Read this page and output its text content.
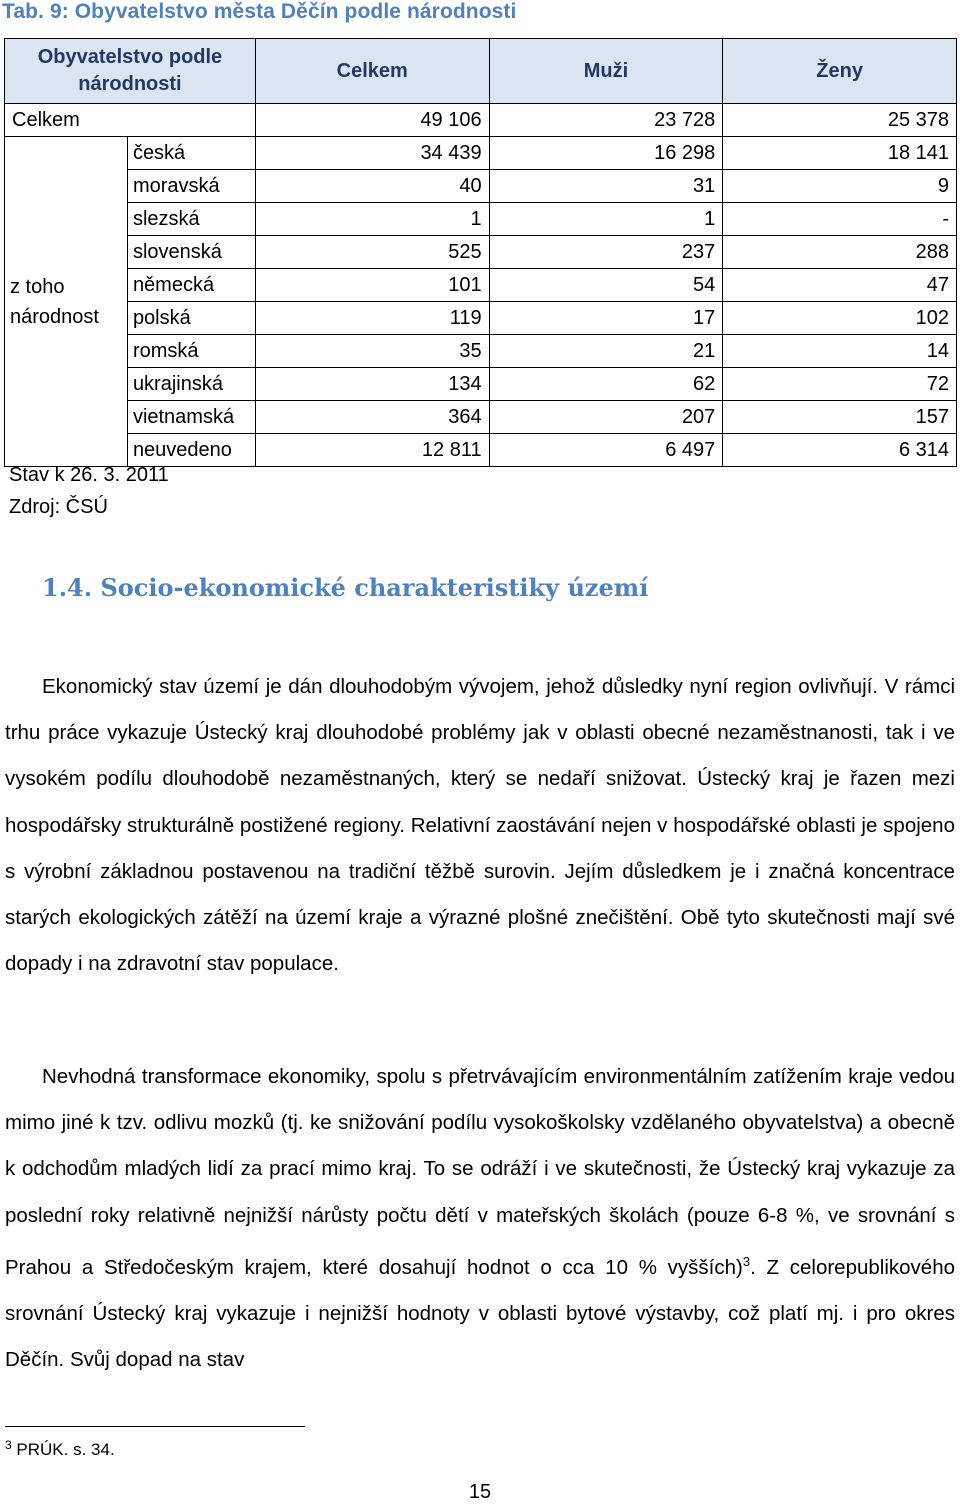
Tab. 9: Obyvatelstvo města Děčín podle národnosti
Obyvatelstvo podle národnosti		Celkem	Muži	Ženy
Celkem		49 106	23 728	25 378
z toho národnost	česká	34 439	16 298	18 141
	moravská	40	31	9
	slezská	1	1	-
	slovenská	525	237	288
	německá	101	54	47
	polská	119	17	102
	romská	35	21	14
	ukrajinská	134	62	72
	vietnamská	364	207	157
	neuvedeno	12 811	6 497	6 314
Stav k 26. 3. 2011
Zdroj: ČSÚ
1.4. Socio-ekonomické charakteristiky území
Ekonomický stav území je dán dlouhodobým vývojem, jehož důsledky nyní region ovlivňují. V rámci trhu práce vykazuje Ústecký kraj dlouhodobé problémy jak v oblasti obecné nezaměstnanosti, tak i ve vysokém podílu dlouhodobě nezaměstnaných, který se nedaří snižovat. Ústecký kraj je řazen mezi hospodářsky strukturálně postižené regiony. Relativní zaostávání nejen v hospodářské oblasti je spojeno s výrobní základnou postavenou na tradiční těžbě surovin. Jejím důsledkem je i značná koncentrace starých ekologických zátěží na území kraje a výrazné plošné znečištění. Obě tyto skutečnosti mají své dopady i na zdravotní stav populace.
Nevhodná transformace ekonomiky, spolu s přetrvávajícím environmentálním zatížením kraje vedou mimo jiné k tzv. odlivu mozků (tj. ke snižování podílu vysokoškolsky vzdělaného obyvatelstva) a obecně k odchodům mladých lidí za prací mimo kraj. To se odráží i ve skutečnosti, že Ústecký kraj vykazuje za poslední roky relativně nejnižší nárůsty počtu dětí v mateřských školách (pouze 6-8 %, ve srovnání s Prahou a Středočeským krajem, které dosahují hodnot o cca 10 % vyšších)$^3$. Z celorepublikového srovnání Ústecký kraj vykazuje i nejnižší hodnoty v oblasti bytové výstavby, což platí mj. i pro okres Děčín. Svůj dopad na stav
$^3$ PRÚK. s. 34.
15
